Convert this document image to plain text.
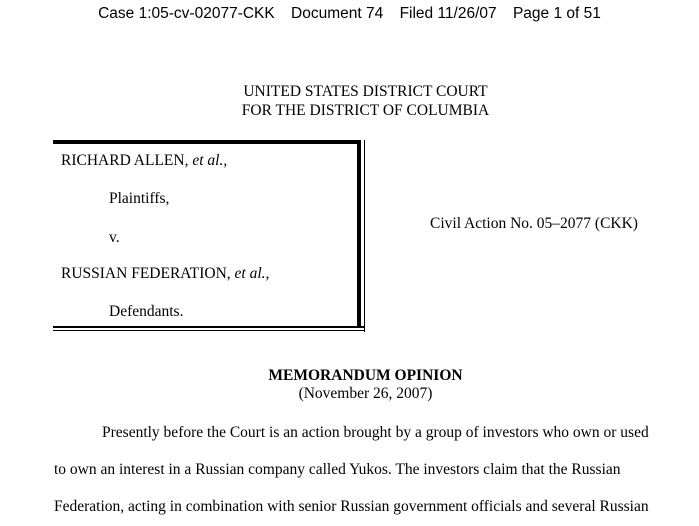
Case 1:05-cv-02077-CKK Document 74 Filed 11/26/07 Page 1 of 51
UNITED STATES DISTRICT COURT
FOR THE DISTRICT OF COLUMBIA
RICHARD ALLEN, et al.,
Plaintiffs,
v.
RUSSIAN FEDERATION, et al.,
Defendants.
Civil Action No. 05–2077 (CKK)
MEMORANDUM OPINION
(November 26, 2007)
Presently before the Court is an action brought by a group of investors who own or used
to own an interest in a Russian company called Yukos. The investors claim that the Russian
Federation, acting in combination with senior Russian government officials and several Russian
